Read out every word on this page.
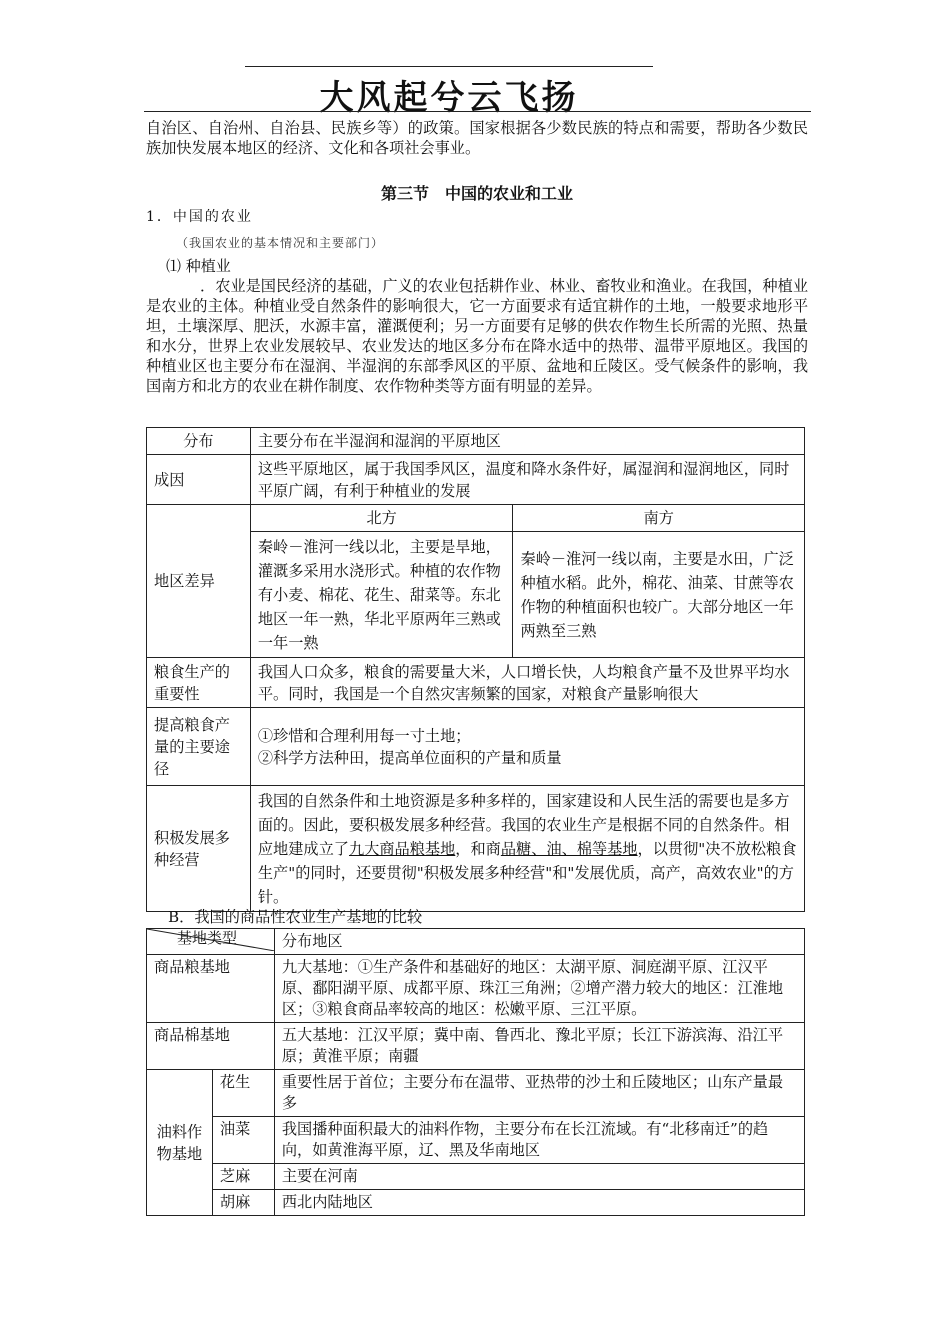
大风起兮云飞扬
自治区、自治州、自治县、民族乡等）的政策。国家根据各少数民族的特点和需要，帮助各少数民族加快发展本地区的经济、文化和各项社会事业。
第三节　中国的农业和工业
1．中国的农业
（我国农业的基本情况和主要部门）
⑴ 种植业
．农业是国民经济的基础，广义的农业包括耕作业、林业、畜牧业和渔业。在我国，种植业是农业的主体。种植业受自然条件的影响很大，它一方面要求有适宜耕作的土地，一般要求地形平坦，土壤深厚、肥沃，水源丰富，灌溉便利；另一方面要有足够的供农作物生长所需的光照、热量和水分，世界上农业发展较早、农业发达的地区多分布在降水适中的热带、温带平原地区。我国的种植业区也主要分布在湿润、半湿润的东部季风区的平原、盆地和丘陵区。受气候条件的影响，我国南方和北方的农业在耕作制度、农作物种类等方面有明显的差异。
分布	主要分布在半湿润和湿润的平原地区	
成因	这些平原地区，属于我国季风区，温度和降水条件好，属湿润和湿润地区，同时平原广阔，有利于种植业的发展	
地区差异	北方	南方
	秦岭－淮河一线以北，主要是旱地，灌溉多采用水浇形式。种植的农作物有小麦、棉花、花生、甜菜等。东北地区一年一熟，华北平原两年三熟或一年一熟	秦岭－淮河一线以南，主要是水田，广泛种植水稻。此外，棉花、油菜、甘蔗等农作物的种植面积也较广。大部分地区一年两熟至三熟
粮食生产的重要性	我国人口众多，粮食的需要量大米，人口增长快，人均粮食产量不及世界平均水平。同时，我国是一个自然灾害频繁的国家，对粮食产量影响很大	
提高粮食产量的主要途径	①珍惜和合理利用每一寸土地；
②科学方法种田，提高单位面积的产量和质量	

积极发展多种经营	我国的自然条件和土地资源是多种多样的，国家建设和人民生活的需要也是多方面的。因此，要积极发展多种经营。我国的农业生产是根据不同的自然条件。相应地建成立了九大商品粮基地，和商品糖、油、棉等基地，以贯彻"决不放松粮食生产"的同时，还要贯彻"积极发展多种经营"和"发展优质，高产，高效农业"的方针。	
B．我国的商品性农业生产基地的比较
基地类型		分布地区
商品粮基地		九大基地：①生产条件和基础好的地区：太湖平原、洞庭湖平原、江汉平原、鄱阳湖平原、成都平原、珠江三角洲；②增产潜力较大的地区：江淮地区；③粮食商品率较高的地区：松嫩平原、三江平原。
商品棉基地		五大基地：江汉平原；冀中南、鲁西北、豫北平原；长江下游滨海、沿江平原；黄淮平原；南疆
油料作物基地	花生	重要性居于首位；主要分布在温带、亚热带的沙土和丘陵地区；山东产量最多
	油菜	我国播种面积最大的油料作物，主要分布在长江流域。有“北移南迁”的趋向，如黄淮海平原，辽、黑及华南地区
	芝麻	主要在河南
	胡麻	西北内陆地区
